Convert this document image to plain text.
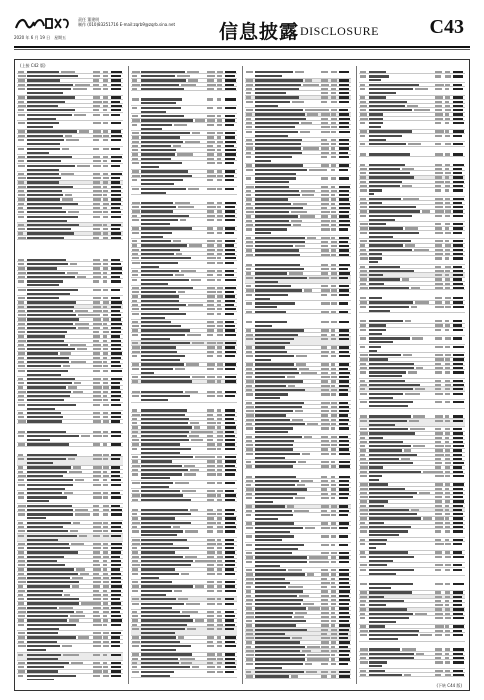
责任 董建明
制作 (010)83251716 E-mail:zqrb9@zqrb.sina.net
2020 年 6 月 19 日　星期五	信息披露 DISCLOSURE	C43
(上接 C42 版)
(下转 C44 版)
